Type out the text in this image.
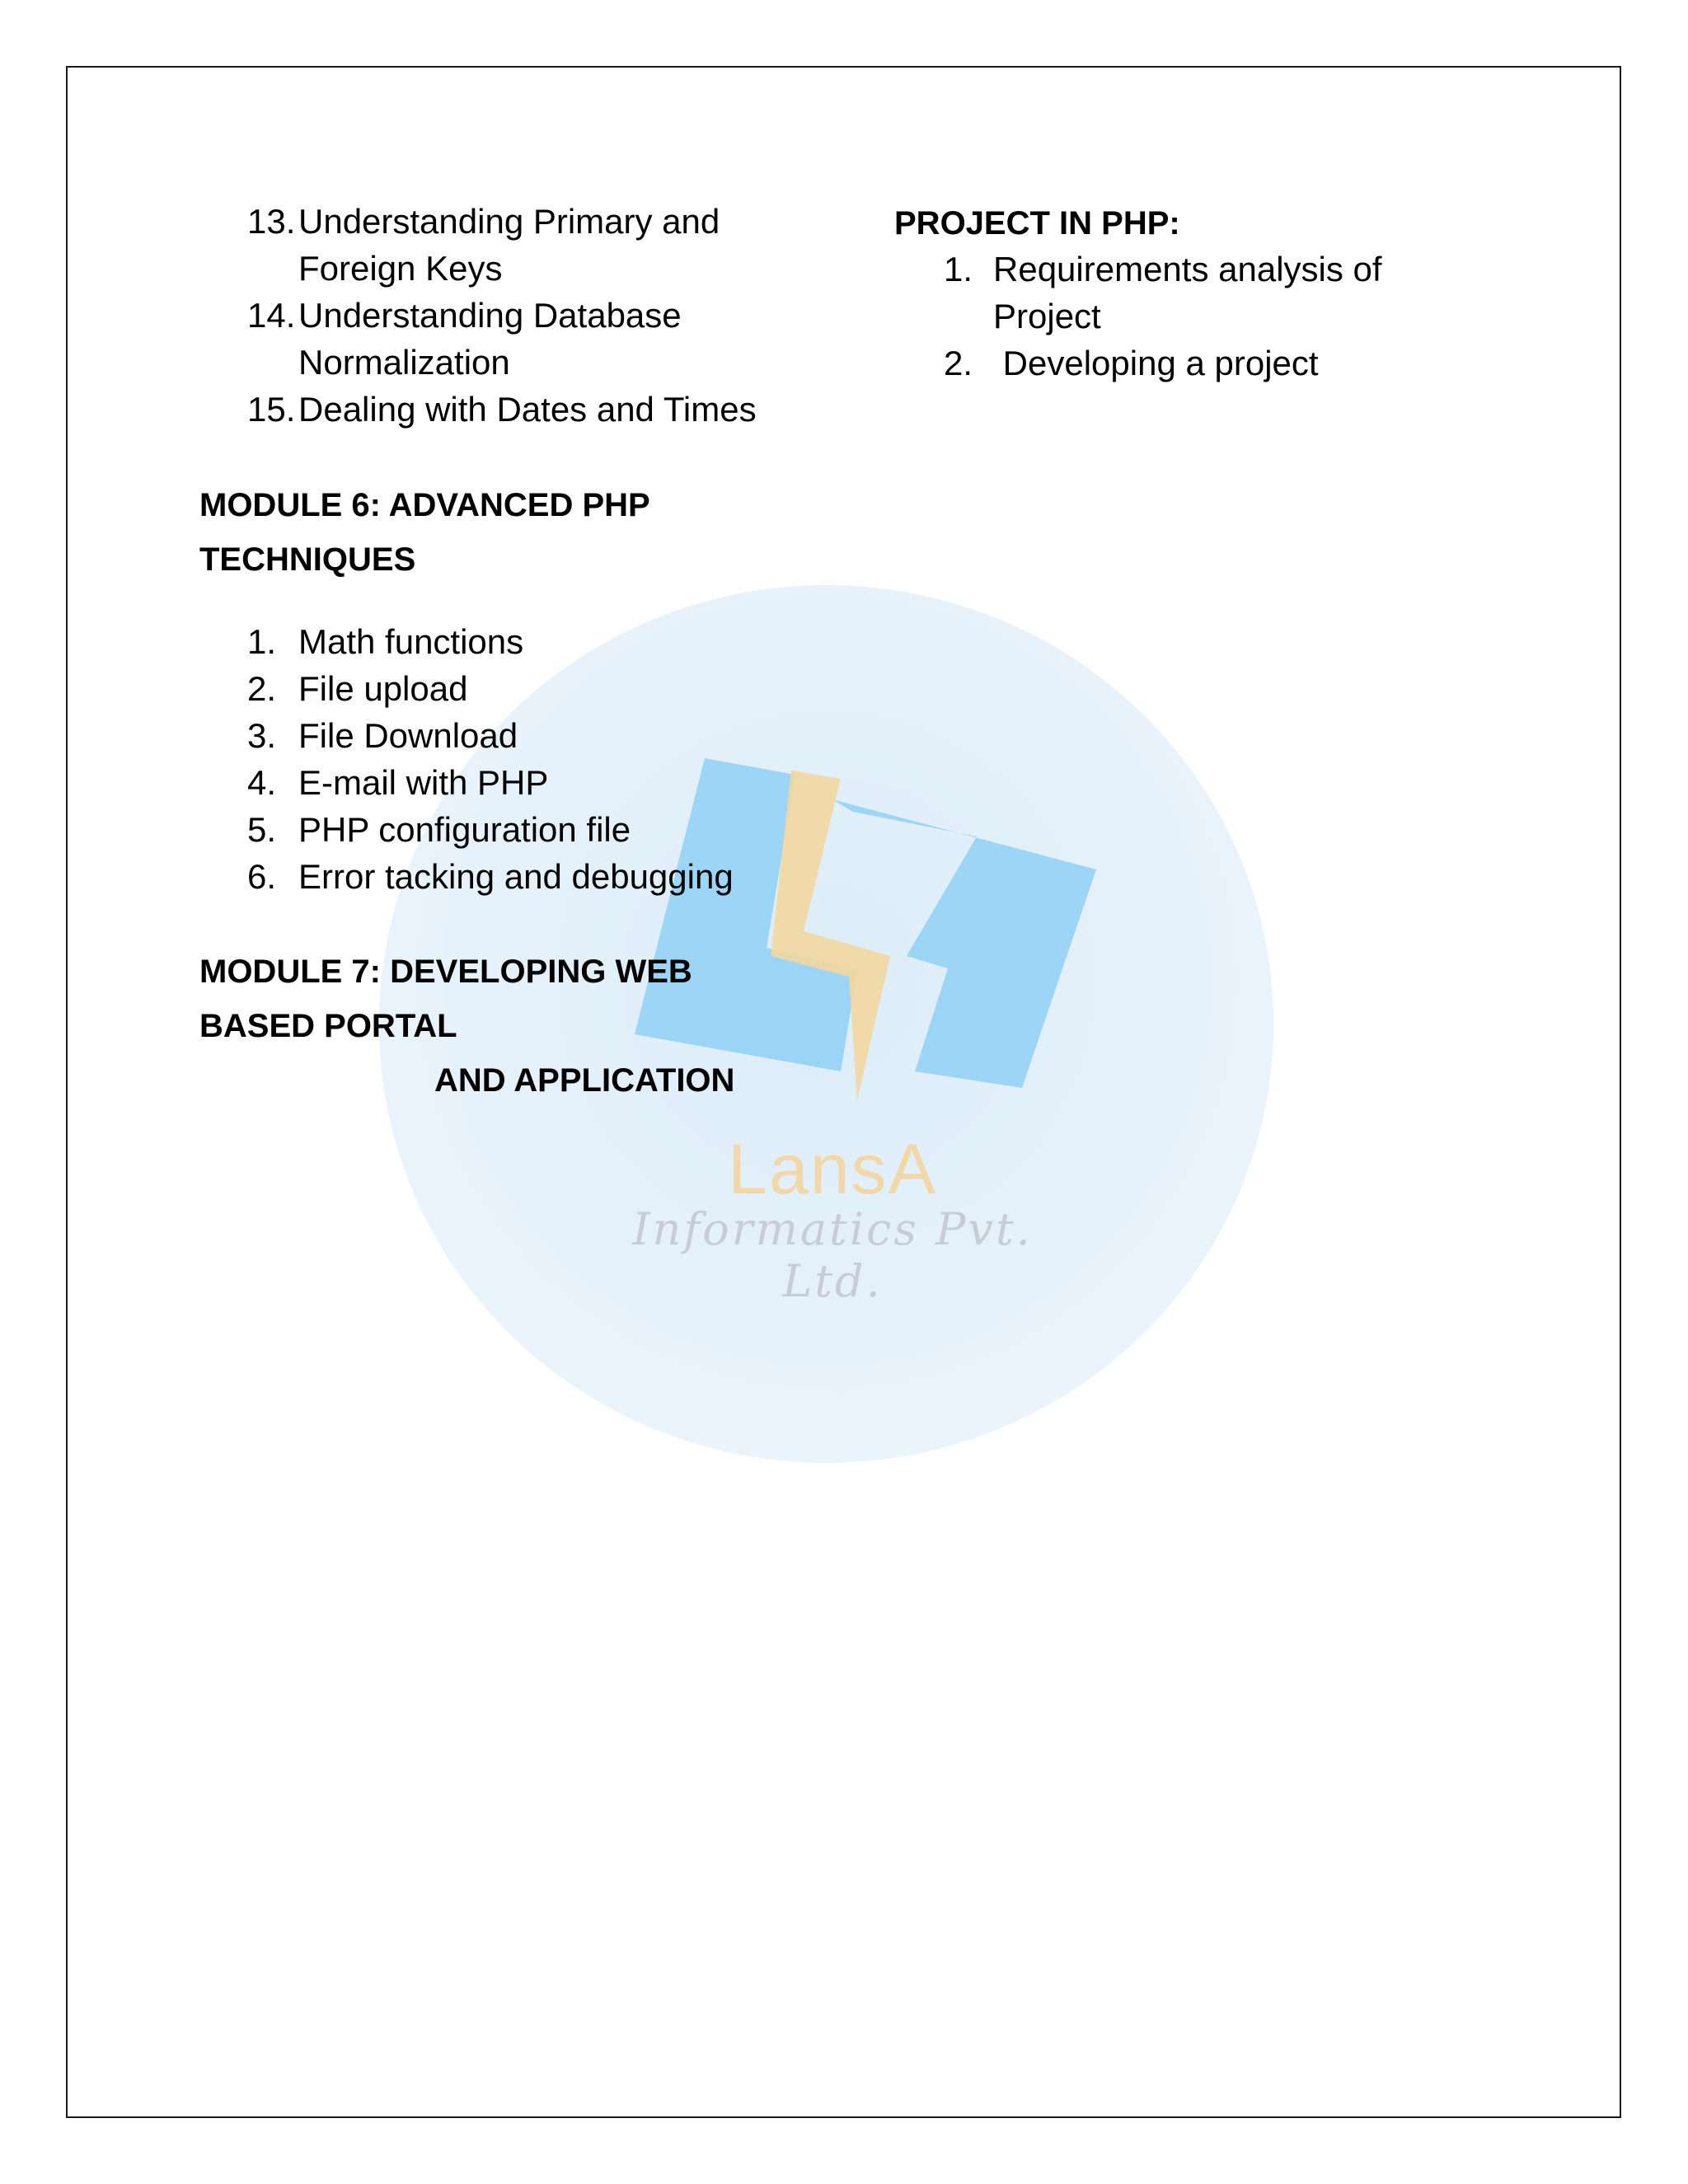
LansA
Informatics Pvt. Ltd.
13. Understanding Primary and
Foreign Keys
14. Understanding Database
Normalization
15. Dealing with Dates and Times
MODULE 6: ADVANCED PHP
TECHNIQUES
1. Math functions
2. File upload
3. File Download
4. E-mail with PHP
5. PHP configuration file
6. Error tacking and debugging
MODULE 7: DEVELOPING WEB
BASED PORTAL
AND APPLICATION
PROJECT IN PHP:
1. Requirements analysis of
Project
2. Developing a project
